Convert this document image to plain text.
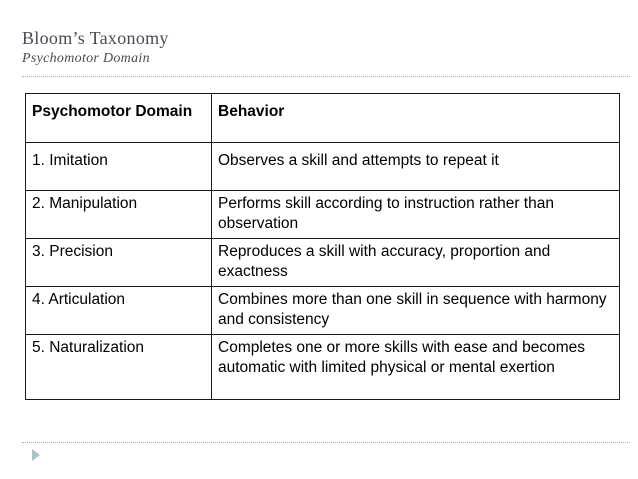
Bloom’s Taxonomy
Psychomotor Domain
Psychomotor Domain	Behavior
1. Imitation	Observes a skill and attempts to repeat it
2. Manipulation	Performs skill according to instruction rather than observation
3. Precision	Reproduces a skill with accuracy, proportion and exactness
4. Articulation	Combines more than one skill in sequence with harmony and consistency
5. Naturalization	Completes one or more skills with ease and becomes automatic with limited physical or mental exertion
